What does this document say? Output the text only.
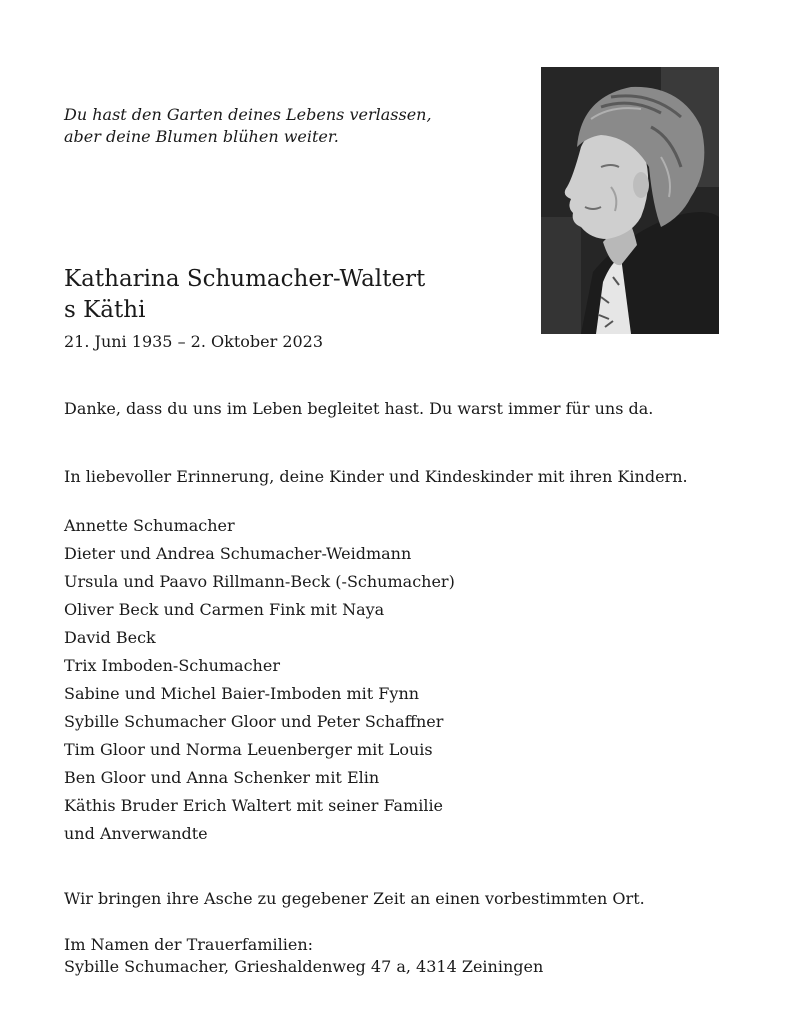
Du hast den Garten deines Lebens verlassen,
aber deine Blumen blühen weiter.

Katharina Schumacher-Waltert
s Käthi
21. Juni 1935 – 2. Oktober 2023

Danke, dass du uns im Leben begleitet hast. Du warst immer für uns da.

In liebevoller Erinnerung, deine Kinder und Kindeskinder mit ihren Kindern.

Annette Schumacher
Dieter und Andrea Schumacher-Weidmann
Ursula und Paavo Rillmann-Beck (-Schumacher)
Oliver Beck und Carmen Fink mit Naya
David Beck
Trix Imboden-Schumacher
Sabine und Michel Baier-Imboden mit Fynn
Sybille Schumacher Gloor und Peter Schaffner
Tim Gloor und Norma Leuenberger mit Louis
Ben Gloor und Anna Schenker mit Elin
Käthis Bruder Erich Waltert mit seiner Familie
und Anverwandte

Wir bringen ihre Asche zu gegebener Zeit an einen vorbestimmten Ort.

Im Namen der Trauerfamilien:
Sybille Schumacher, Grieshaldenweg 47 a, 4314 Zeiningen
